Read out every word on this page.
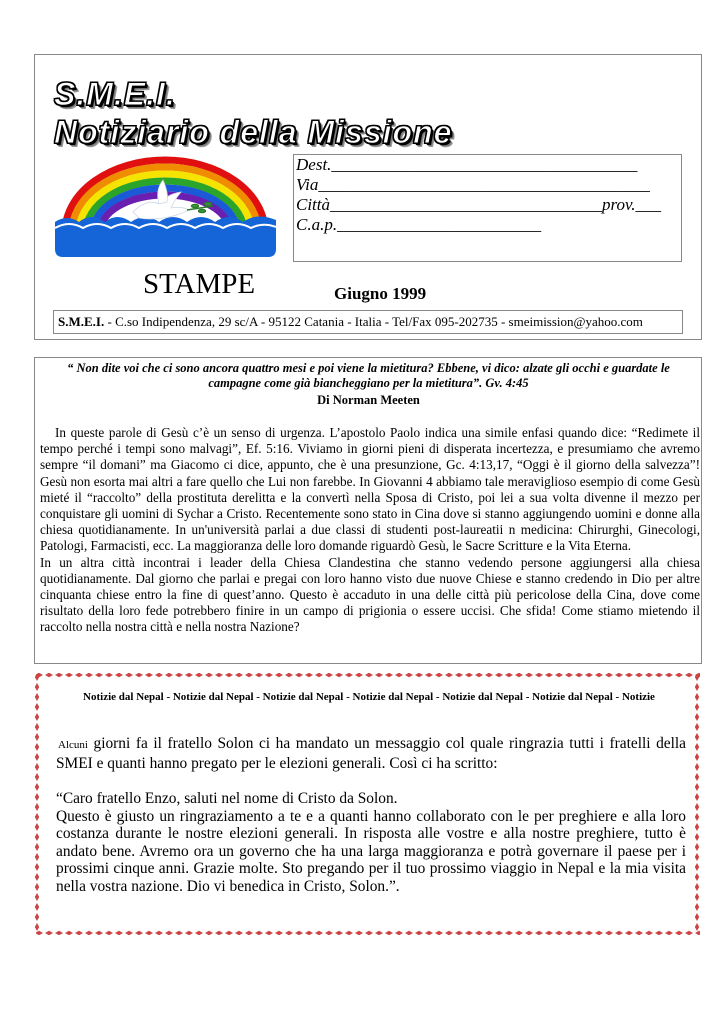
S.M.E.I.
Notiziario della Missione
Dest.____________________________________
Via_______________________________________
Città________________________________prov.___
C.a.p.________________________
STAMPE	Giugno 1999
S.M.E.I. - C.so Indipendenza, 29 sc/A - 95122 Catania - Italia - Tel/Fax 095-202735 - smeimission@yahoo.com
“ Non dite voi che ci sono ancora quattro mesi e poi viene la mietitura? Ebbene, vi dico: alzate gli occhi e guardate le campagne come già biancheggiano per la mietitura”. Gv. 4:45
Di Norman Meeten

In queste parole di Gesù c’è un senso di urgenza. L’apostolo Paolo indica una simile enfasi quando dice: “Redimete il tempo perché i tempi sono malvagi”, Ef. 5:16. Viviamo in giorni pieni di disperata incertezza, e presumiamo che avremo sempre “il domani” ma Giacomo ci dice, appunto, che è una presunzione, Gc. 4:13,17, “Oggi è il giorno della salvezza”! Gesù non esorta mai altri a fare quello che Lui non farebbe. In Giovanni 4 abbiamo tale meraviglioso esempio di come Gesù mieté il “raccolto” della prostituta derelitta e la convertì nella Sposa di Cristo, poi lei a sua volta divenne il mezzo per conquistare gli uomini di Sychar a Cristo. Recentemente sono stato in Cina dove si stanno aggiungendo uomini e donne alla chiesa quotidianamente. In un'università parlai a due classi di studenti post-laureatii n medicina: Chirurghi, Ginecologi, Patologi, Farmacisti, ecc. La maggioranza delle loro domande riguardò Gesù, le Sacre Scritture e la Vita Eterna.

In un altra città incontrai i leader della Chiesa Clandestina che stanno vedendo persone aggiungersi alla chiesa quotidianamente. Dal giorno che parlai e pregai con loro hanno visto due nuove Chiese e stanno credendo in Dio per altre cinquanta chiese entro la fine di quest’anno. Questo è accaduto in una delle città più pericolose della Cina, dove come risultato della loro fede potrebbero finire in un campo di prigionia o essere uccisi. Che sfida! Come stiamo mietendo il raccolto nella nostra città e nella nostra Nazione?

Notizie dal Nepal - Notizie dal Nepal - Notizie dal Nepal - Notizie dal Nepal - Notizie dal Nepal - Notizie dal Nepal - Notizie

Alcuni giorni fa il fratello Solon ci ha mandato un messaggio col quale ringrazia tutti i fratelli della SMEI e quanti hanno pregato per le elezioni generali. Così ci ha scritto:

“Caro fratello Enzo, saluti nel nome di Cristo da Solon.

Questo è giusto un ringraziamento a te e a quanti hanno collaborato con le per preghiere e alla loro costanza durante le nostre elezioni generali. In risposta alle vostre e alla nostre preghiere, tutto è andato bene. Avremo ora un governo che ha una larga maggioranza e potrà governare il paese per i prossimi cinque anni. Grazie molte. Sto pregando per il tuo prossimo viaggio in Nepal e la mia visita nella vostra nazione. Dio vi benedica in Cristo, Solon.”.
